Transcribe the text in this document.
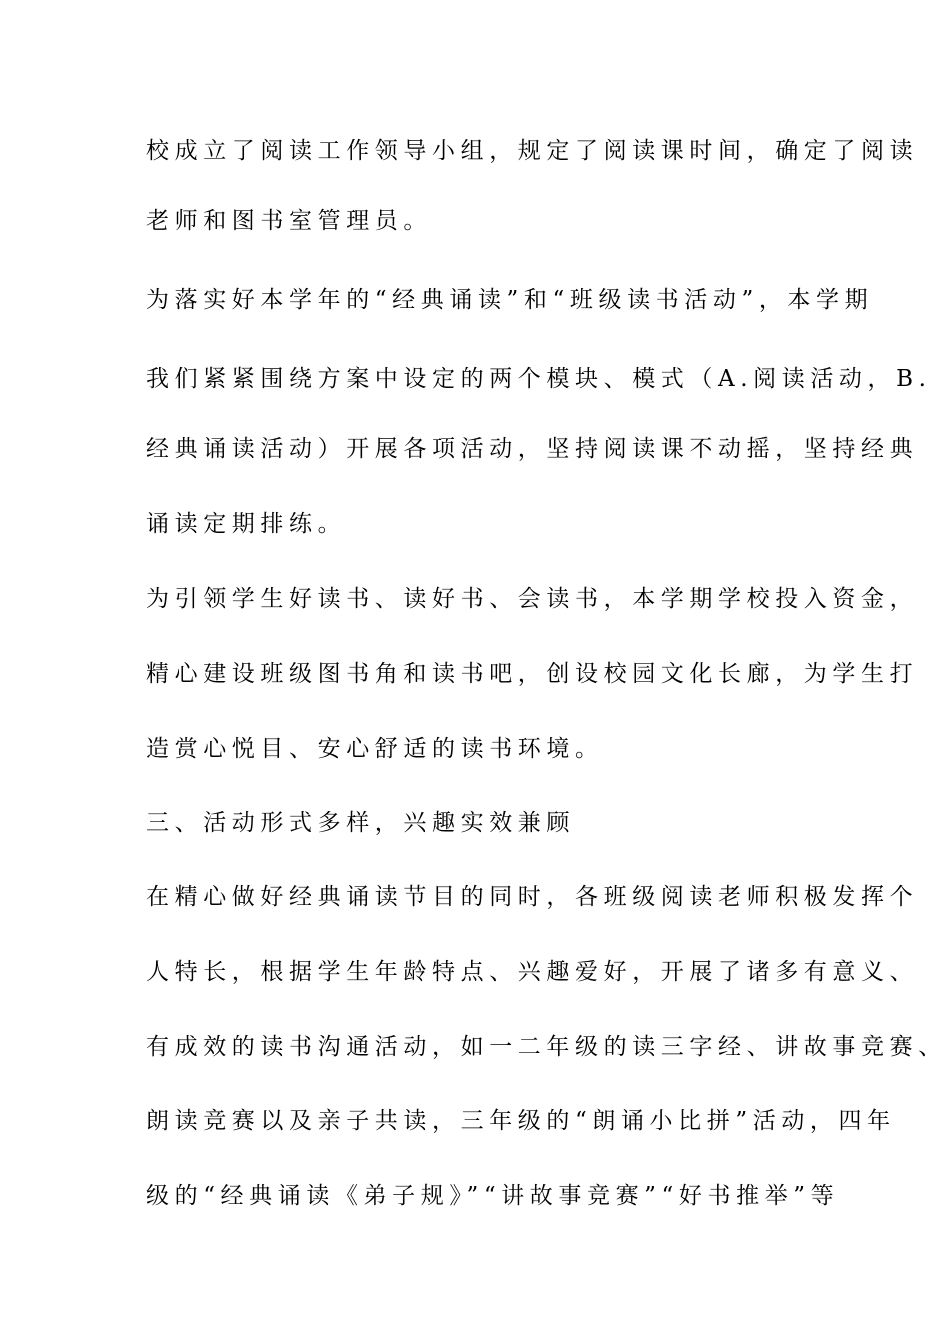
校成立了阅读工作领导小组，规定了阅读课时间，确定了阅读
老师和图书室管理员。
为落实好本学年的“经典诵读”和“班级读书活动”，本学期
我们紧紧围绕方案中设定的两个模块、模式（A.阅读活动，B.
经典诵读活动）开展各项活动，坚持阅读课不动摇，坚持经典
诵读定期排练。
为引领学生好读书、读好书、会读书，本学期学校投入资金，
精心建设班级图书角和读书吧，创设校园文化长廊，为学生打
造赏心悦目、安心舒适的读书环境。
三、活动形式多样，兴趣实效兼顾
在精心做好经典诵读节目的同时，各班级阅读老师积极发挥个
人特长，根据学生年龄特点、兴趣爱好，开展了诸多有意义、
有成效的读书沟通活动，如一二年级的读三字经、讲故事竞赛、
朗读竞赛以及亲子共读，三年级的“朗诵小比拼”活动，四年
级的“经典诵读《弟子规》”“讲故事竞赛”“好书推举”等
